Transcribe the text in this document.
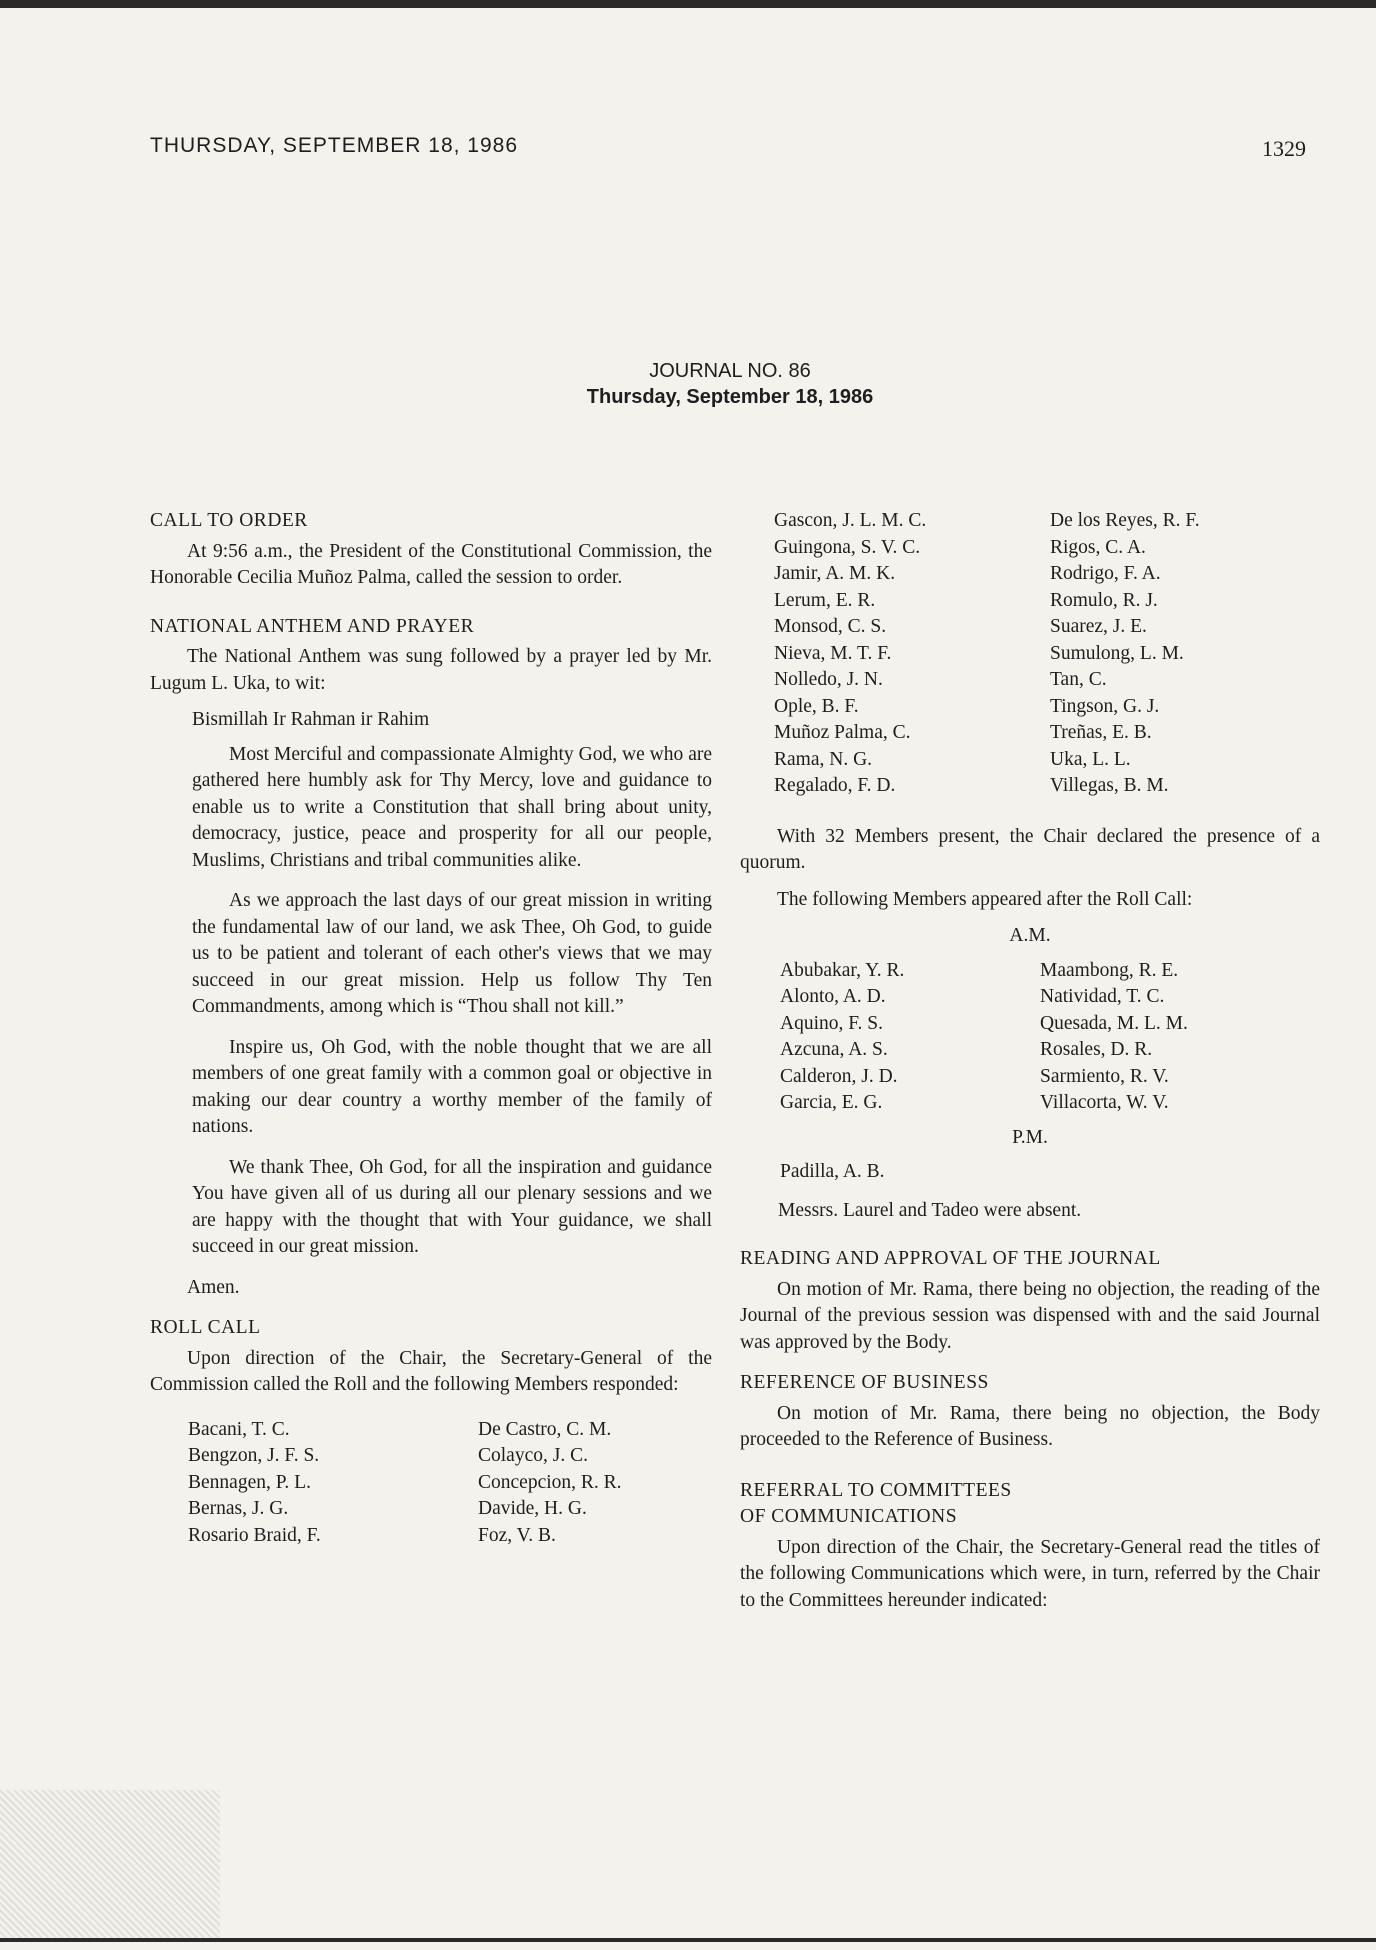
THURSDAY, SEPTEMBER 18, 1986	1329
JOURNAL NO. 86
Thursday, September 18, 1986
CALL TO ORDER

At 9:56 a.m., the President of the Constitutional Commission, the Honorable Cecilia Muñoz Palma, called the session to order.

NATIONAL ANTHEM AND PRAYER

The National Anthem was sung followed by a prayer led by Mr. Lugum L. Uka, to wit:

Bismillah Ir Rahman ir Rahim

Most Merciful and compassionate Almighty God, we who are gathered here humbly ask for Thy Mercy, love and guidance to enable us to write a Constitution that shall bring about unity, democracy, justice, peace and prosperity for all our people, Muslims, Christians and tribal communities alike.

As we approach the last days of our great mission in writing the fundamental law of our land, we ask Thee, Oh God, to guide us to be patient and tolerant of each other's views that we may succeed in our great mission. Help us follow Thy Ten Commandments, among which is “Thou shall not kill.”

Inspire us, Oh God, with the noble thought that we are all members of one great family with a common goal or objective in making our dear country a worthy member of the family of nations.

We thank Thee, Oh God, for all the inspiration and guidance You have given all of us during all our plenary sessions and we are happy with the thought that with Your guidance, we shall succeed in our great mission.

Amen.

ROLL CALL

Upon direction of the Chair, the Secretary-General of the Commission called the Roll and the following Members responded:

Bacani, T. C.	De Castro, C. M.
Bengzon, J. F. S.	Colayco, J. C.
Bennagen, P. L.	Concepcion, R. R.
Bernas, J. G.	Davide, H. G.
Rosario Braid, F.	Foz, V. B.
Gascon, J. L. M. C.	De los Reyes, R. F.
Guingona, S. V. C.	Rigos, C. A.
Jamir, A. M. K.	Rodrigo, F. A.
Lerum, E. R.	Romulo, R. J.
Monsod, C. S.	Suarez, J. E.
Nieva, M. T. F.	Sumulong, L. M.
Nolledo, J. N.	Tan, C.
Ople, B. F.	Tingson, G. J.
Muñoz Palma, C.	Treñas, E. B.
Rama, N. G.	Uka, L. L.
Regalado, F. D.	Villegas, B. M.

With 32 Members present, the Chair declared the presence of a quorum.

The following Members appeared after the Roll Call:

A.M.
Abubakar, Y. R.	Maambong, R. E.
Alonto, A. D.	Natividad, T. C.
Aquino, F. S.	Quesada, M. L. M.
Azcuna, A. S.	Rosales, D. R.
Calderon, J. D.	Sarmiento, R. V.
Garcia, E. G.	Villacorta, W. V.
P.M.
Padilla, A. B.
Messrs. Laurel and Tadeo were absent.
READING AND APPROVAL OF THE JOURNAL

On motion of Mr. Rama, there being no objection, the reading of the Journal of the previous session was dispensed with and the said Journal was approved by the Body.

REFERENCE OF BUSINESS

On motion of Mr. Rama, there being no objection, the Body proceeded to the Reference of Business.

REFERRAL TO COMMITTEES
OF COMMUNICATIONS

Upon direction of the Chair, the Secretary-General read the titles of the following Communications which were, in turn, referred by the Chair to the Committees hereunder indicated:
